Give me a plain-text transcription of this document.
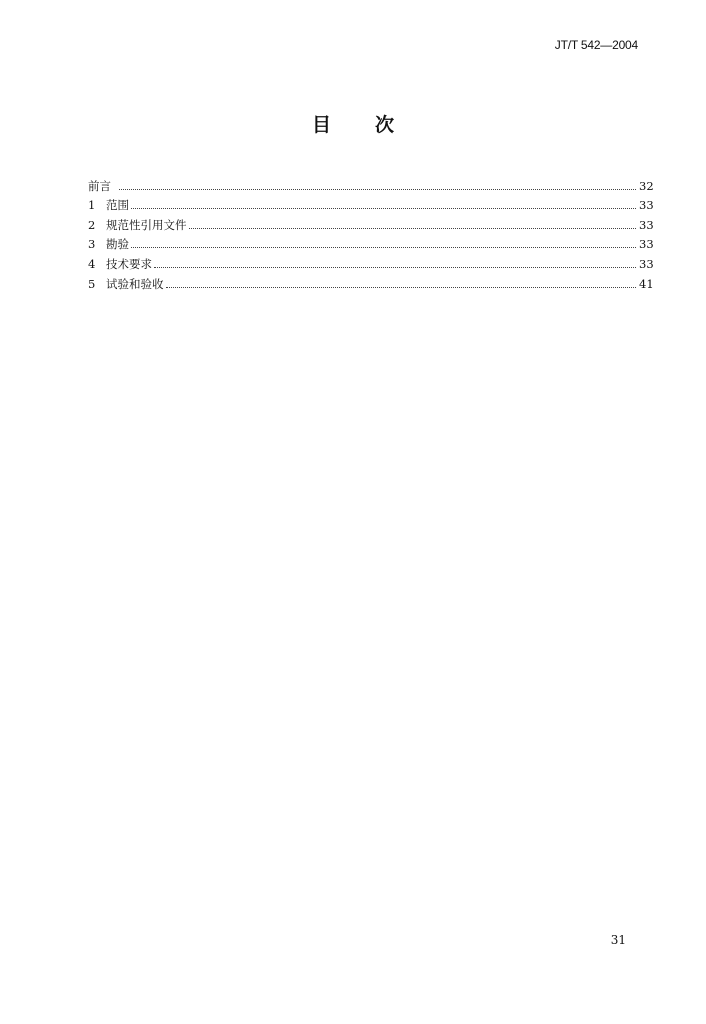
JT/T 542—2004
目次
前言	32
1 范围	33
2 规范性引用文件	33
3 勘验	33
4 技术要求	33
5 试验和验收	41
31
